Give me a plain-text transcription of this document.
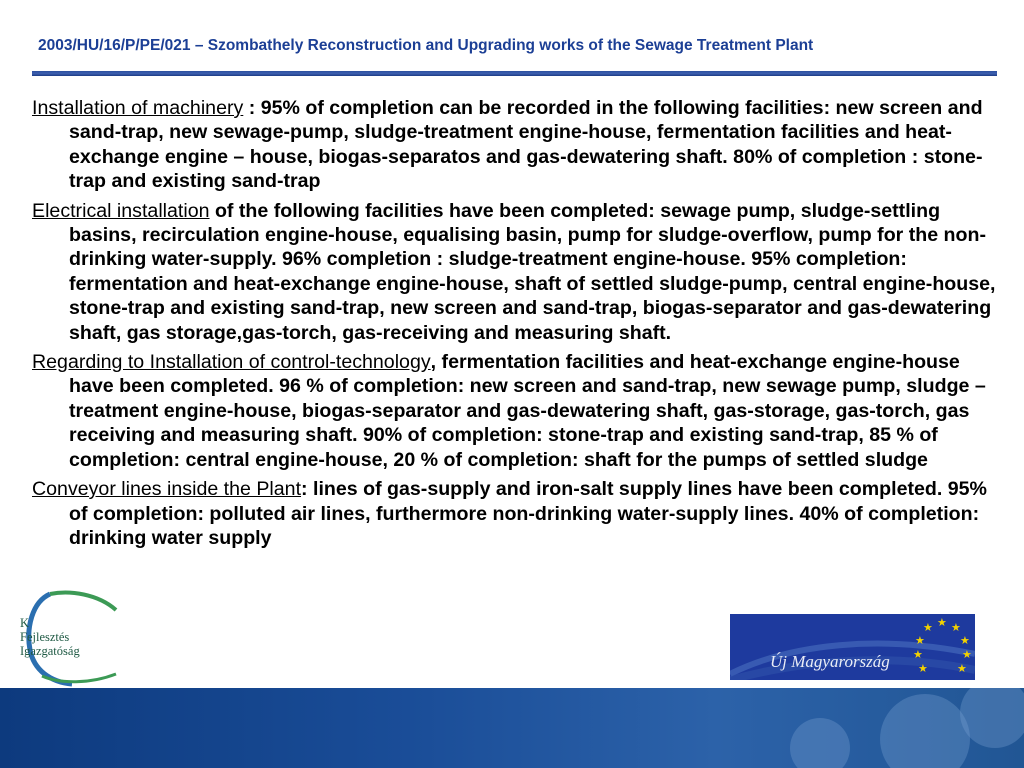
2003/HU/16/P/PE/021 – Szombathely Reconstruction and Upgrading works of the Sewage Treatment Plant
K
Fejlesztés
Igazgatóság
★ ★
★
★
★
★
★
★
★
Új Magyarország

Installation of machinery : 95% of completion can be recorded in the following facilities: new screen and sand-trap, new sewage-pump, sludge-treatment engine-house, fermentation facilities and heat-exchange engine – house, biogas-separatos and gas-dewatering shaft. 80% of completion : stone-trap and existing sand-trap

Electrical installation of the following facilities have been completed: sewage pump, sludge-settling basins, recirculation engine-house, equalising basin, pump for sludge-overflow, pump for the non-drinking water-supply. 96% completion : sludge-treatment engine-house. 95% completion: fermentation and heat-exchange engine-house, shaft of settled sludge-pump, central engine-house, stone-trap and existing sand-trap, new screen and sand-trap, biogas-separator and gas-dewatering shaft, gas storage,gas-torch, gas-receiving and measuring shaft.

Regarding to Installation of control-technology, fermentation facilities and heat-exchange engine-house have been completed. 96 % of completion: new screen and sand-trap, new sewage pump, sludge – treatment engine-house, biogas-separator and gas-dewatering shaft, gas-storage, gas-torch, gas receiving and measuring shaft. 90% of completion: stone-trap and existing sand-trap, 85 % of completion: central engine-house, 20 % of completion: shaft for the pumps of settled sludge

Conveyor lines inside the Plant: lines of gas-supply and iron-salt supply lines have been completed. 95% of completion: polluted air lines, furthermore non-drinking water-supply lines. 40% of completion: drinking water supply
